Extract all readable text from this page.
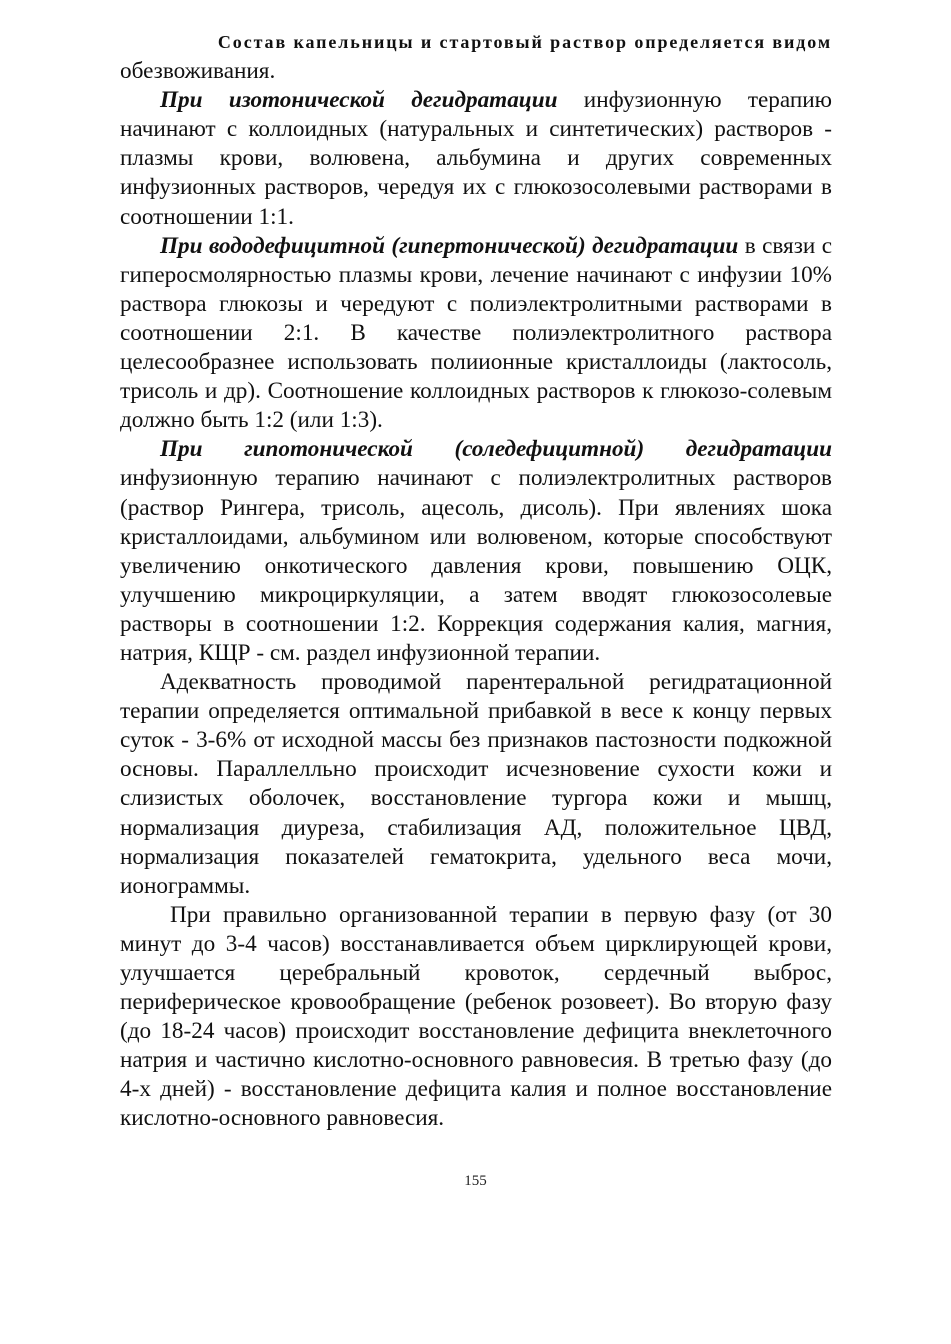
Состав капельницы и стартовый раствор определяется видом
обезвоживания.

При изотонической дегидратации инфузионную терапию начинают с коллоидных (натуральных и синтетических) растворов - плазмы крови, волювена, альбумина и других современных инфузионных растворов, чередуя их с глюкозосолевыми растворами в соотношении 1:1.

При вододефицитной (гипертонической) дегидратации в связи с гиперосмолярностью плазмы крови, лечение начинают с инфузии 10% раствора глюкозы и чередуют с полиэлектролитными растворами в соотношении 2:1. В качестве полиэлектролитного раствора целесообразнее использовать полиионные кристаллоиды (лактосоль, трисоль и др). Соотношение коллоидных растворов к глюкозо-солевым должно быть 1:2 (или 1:3).

При гипотонической (соледефицитной) дегидратации инфузионную терапию начинают с полиэлектролитных растворов (раствор Рингера, трисоль, ацесоль, дисоль). При явлениях шока кристаллоидами, альбумином или волювеном, которые способствуют увеличению онкотического давления крови, повышению ОЦК, улучшению микроциркуляции, а затем вводят глюкозосолевые растворы в соотношении 1:2. Коррекция содержания калия, магния, натрия, КЩР - см. раздел инфузионной терапии.

Адекватность проводимой парентеральной регидратационной терапии определяется оптимальной прибавкой в весе к концу первых суток - 3-6% от исходной массы без признаков пастозности подкожной основы. Параллелльно происходит исчезновение сухости кожи и слизистых оболочек, восстановление тургора кожи и мышц, нормализация диуреза, стабилизация АД, положительное ЦВД, нормализация показателей гематокрита, удельного веса мочи, ионограммы.

При правильно организованной терапии в первую фазу (от 30 минут до 3-4 часов) восстанавливается объем цирклирующей крови, улучшается церебральный кровоток, сердечный выброс, периферическое кровообращение (ребенок розовеет). Во вторую фазу (до 18-24 часов) происходит восстановление дефицита внеклеточного натрия и частично кислотно-основного равновесия. В третью фазу (до 4-х дней) - восстановление дефицита калия и полное восстановление кислотно-основного равновесия.

155
